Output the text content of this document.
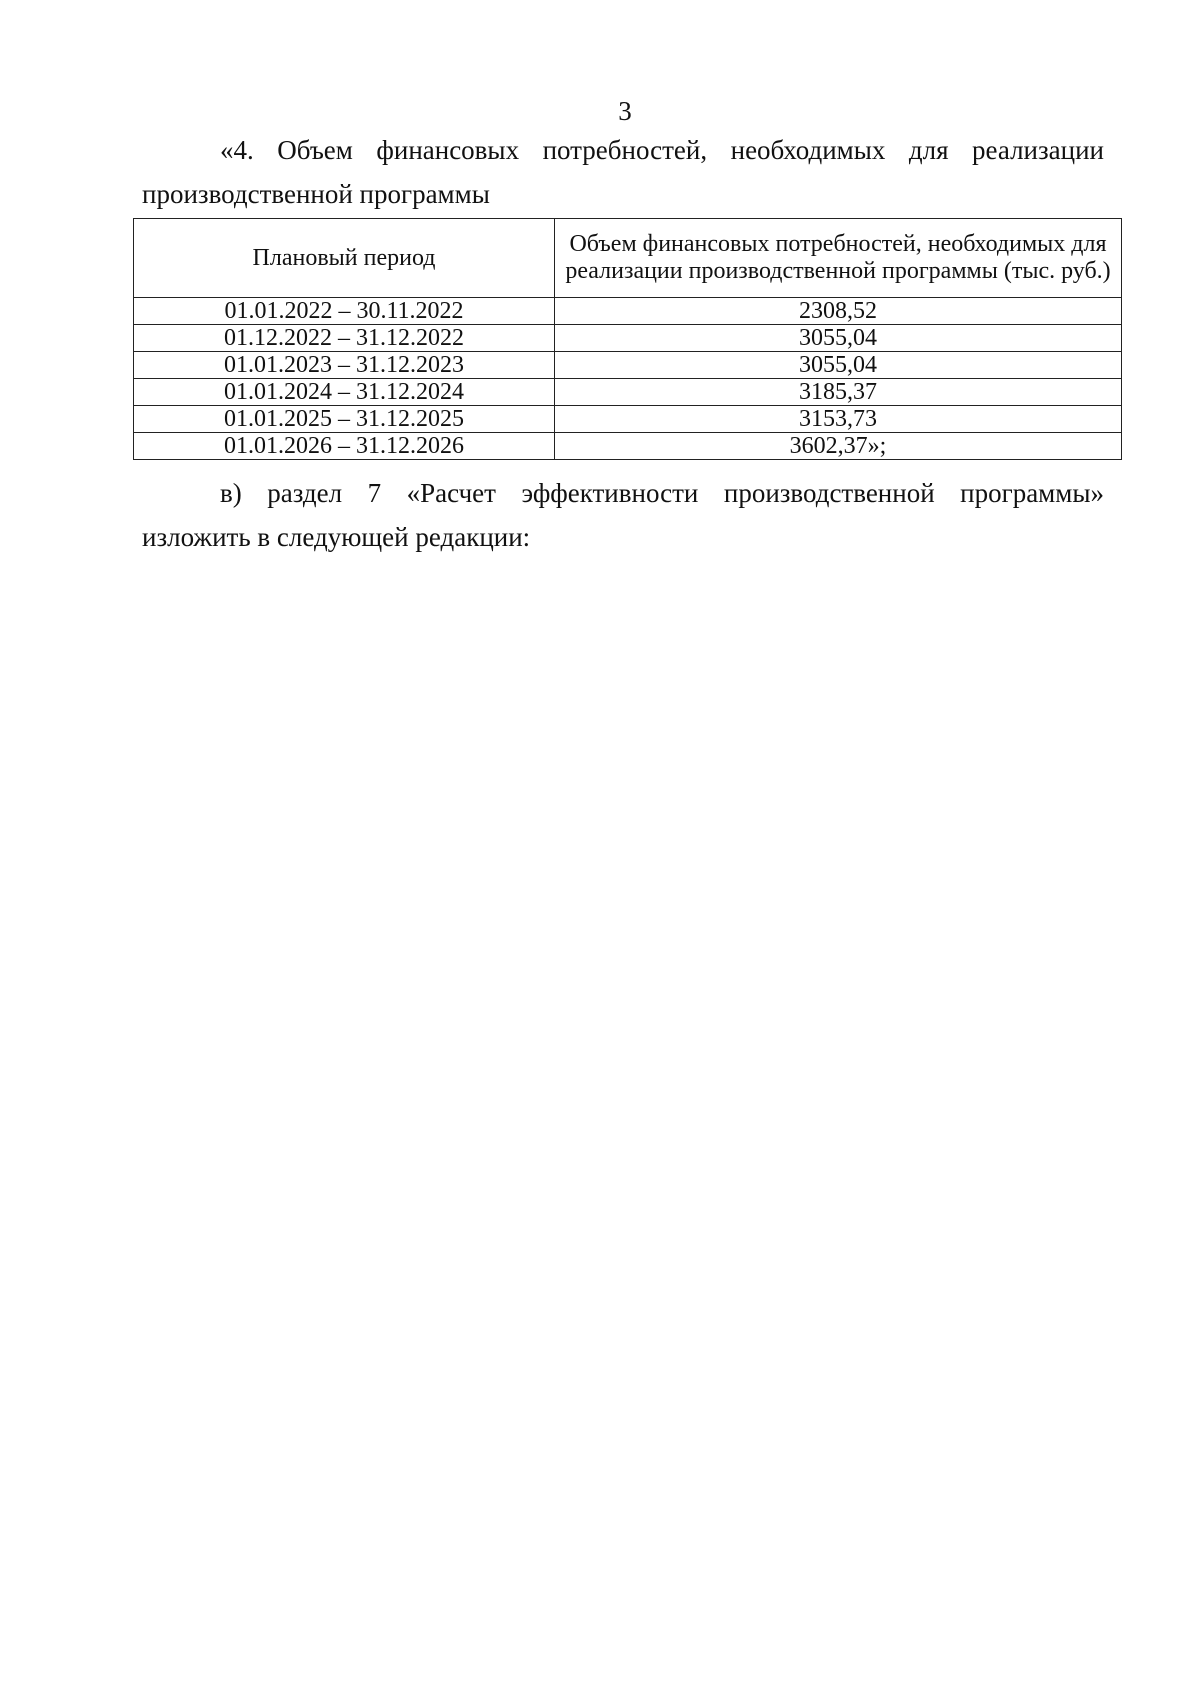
3
«4. Объем финансовых потребностей, необходимых для реализации
производственной программы
Плановый период	Объем финансовых потребностей, необходимых для реализации производственной программы (тыс. руб.)
01.01.2022 – 30.11.2022	2308,52
01.12.2022 – 31.12.2022	3055,04
01.01.2023 – 31.12.2023	3055,04
01.01.2024 – 31.12.2024	3185,37
01.01.2025 – 31.12.2025	3153,73
01.01.2026 – 31.12.2026	3602,37»;
в) раздел 7 «Расчет эффективности производственной программы»
изложить в следующей редакции:
